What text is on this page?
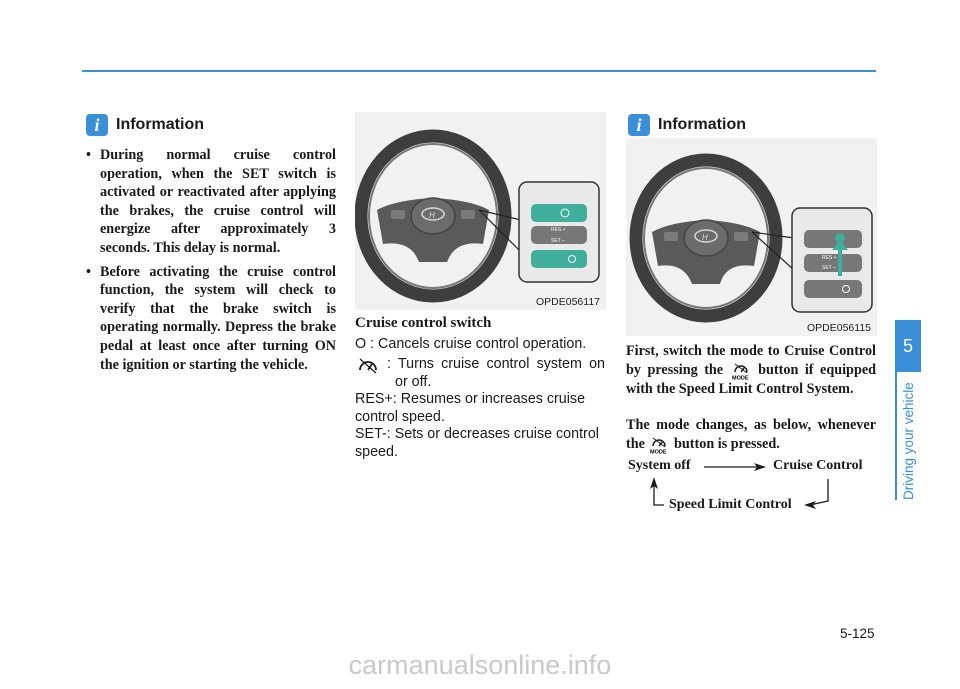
i	Information
• During normal cruise control operation, when the SET switch is activated or reactivated after applying the brakes, the cruise control will energize after approximately 3 seconds. This delay is normal.
• Before activating the cruise control function, the system will check to verify that the brake switch is operating normally. Depress the brake pedal at least once after turning ON the ignition or starting the vehicle.
H
RES +
SET –
OPDE056117
Cruise control switch
O : Cancels cruise control operation.
: Turns cruise control system on or off.
RES+: Resumes or increases cruise control speed.
SET-: Sets or decreases cruise control speed.
i	Information
H
RES +
SET –
OPDE056115
First, switch the mode to Cruise Control by pressing the
MODE
button if equipped with the Speed Limit Control System.
The mode changes, as below, whenever the
MODE
button is pressed.
System off	Cruise Control
Speed Limit Control
5
Driving your vehicle
5-125
carmanualsonline.info
